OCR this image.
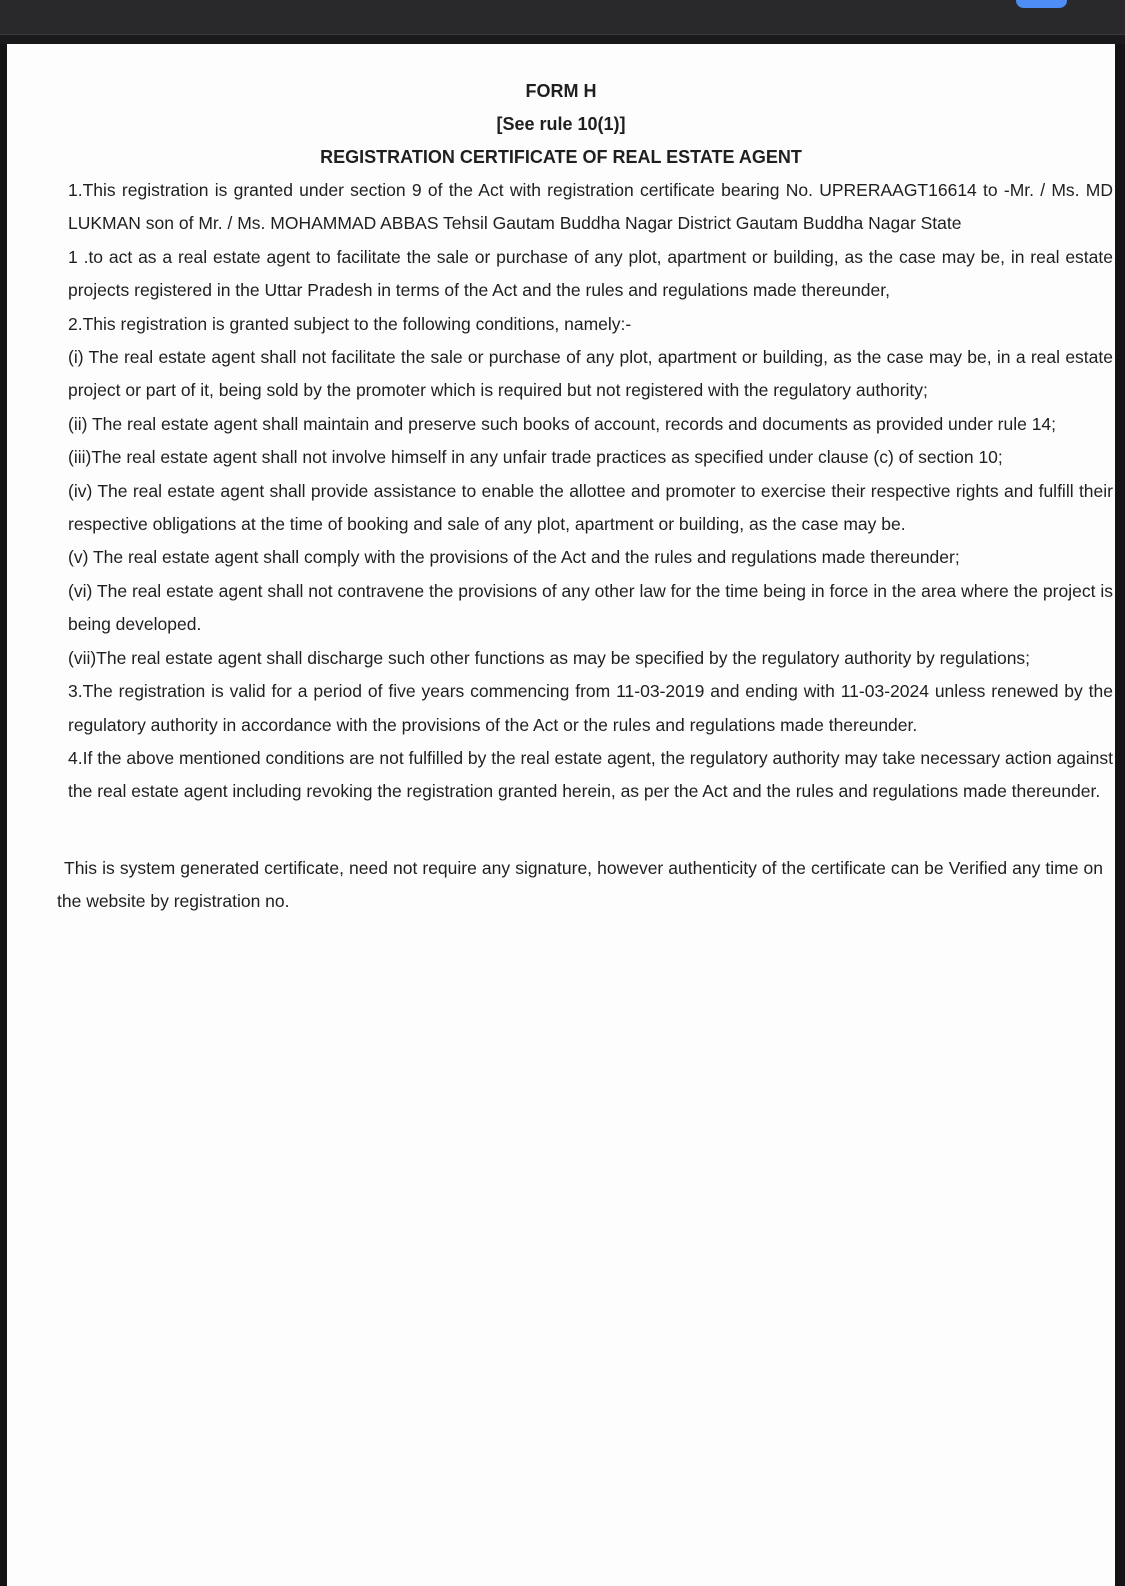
FORM H

[See rule 10(1)]

REGISTRATION CERTIFICATE OF REAL ESTATE AGENT

1.This registration is granted under section 9 of the Act with registration certificate bearing No. UPRERAAGT16614 to -Mr. / Ms. MD LUKMAN son of Mr. / Ms. MOHAMMAD ABBAS Tehsil Gautam Buddha Nagar District Gautam Buddha Nagar State

1 .to act as a real estate agent to facilitate the sale or purchase of any plot, apartment or building, as the case may be, in real estate projects registered in the Uttar Pradesh in terms of the Act and the rules and regulations made thereunder,

2.This registration is granted subject to the following conditions, namely:-

(i) The real estate agent shall not facilitate the sale or purchase of any plot, apartment or building, as the case may be, in a real estate project or part of it, being sold by the promoter which is required but not registered with the regulatory authority;

(ii) The real estate agent shall maintain and preserve such books of account, records and documents as provided under rule 14;

(iii)The real estate agent shall not involve himself in any unfair trade practices as specified under clause (c) of section 10;

(iv) The real estate agent shall provide assistance to enable the allottee and promoter to exercise their respective rights and fulfill their respective obligations at the time of booking and sale of any plot, apartment or building, as the case may be.

(v) The real estate agent shall comply with the provisions of the Act and the rules and regulations made thereunder;

(vi) The real estate agent shall not contravene the provisions of any other law for the time being in force in the area where the project is being developed.

(vii)The real estate agent shall discharge such other functions as may be specified by the regulatory authority by regulations;

3.The registration is valid for a period of five years commencing from 11-03-2019 and ending with 11-03-2024 unless renewed by the regulatory authority in accordance with the provisions of the Act or the rules and regulations made thereunder.

4.If the above mentioned conditions are not fulfilled by the real estate agent, the regulatory authority may take necessary action against the real estate agent including revoking the registration granted herein, as per the Act and the rules and regulations made thereunder.

This is system generated certificate, need not require any signature, however authenticity of the certificate can be Verified any time on the website by registration no.
